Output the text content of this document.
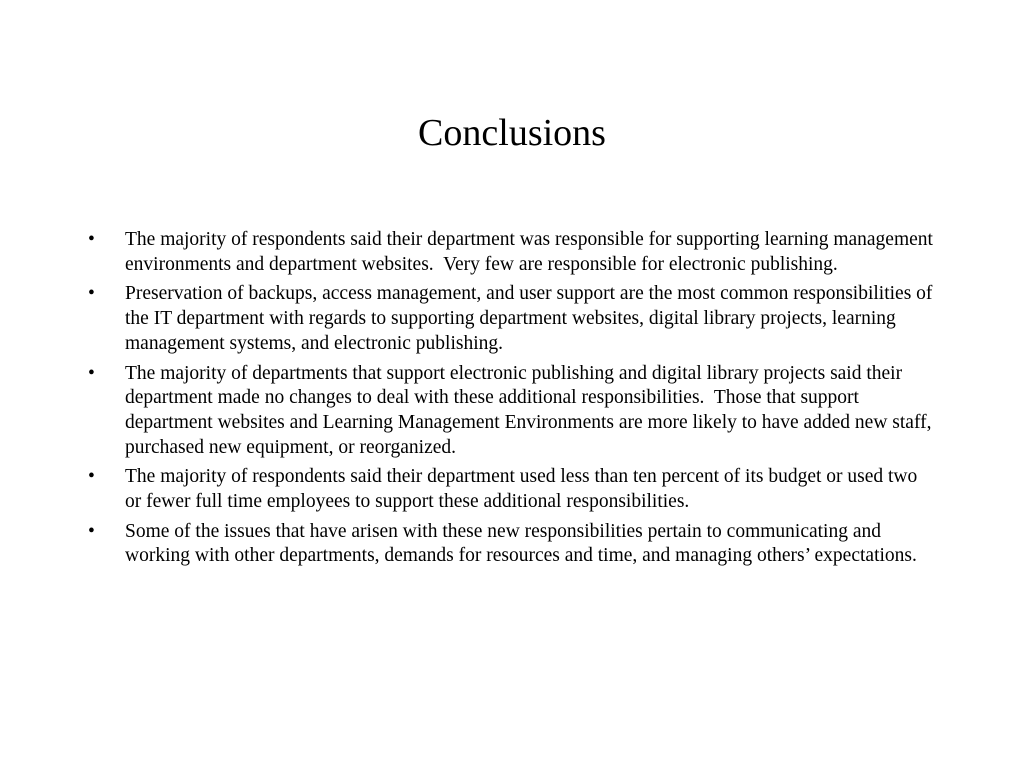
Conclusions
•	The majority of respondents said their department was responsible for supporting learning management environments and department websites.  Very few are responsible for electronic publishing.
•	Preservation of backups, access management, and user support are the most common responsibilities of the IT department with regards to supporting department websites, digital library projects, learning management systems, and electronic publishing.
•	The majority of departments that support electronic publishing and digital library projects said their department made no changes to deal with these additional responsibilities.  Those that support department websites and Learning Management Environments are more likely to have added new staff, purchased new equipment, or reorganized.
•	The majority of respondents said their department used less than ten percent of its budget or used two or fewer full time employees to support these additional responsibilities.
•	Some of the issues that have arisen with these new responsibilities pertain to communicating and working with other departments, demands for resources and time, and managing others’ expectations.
